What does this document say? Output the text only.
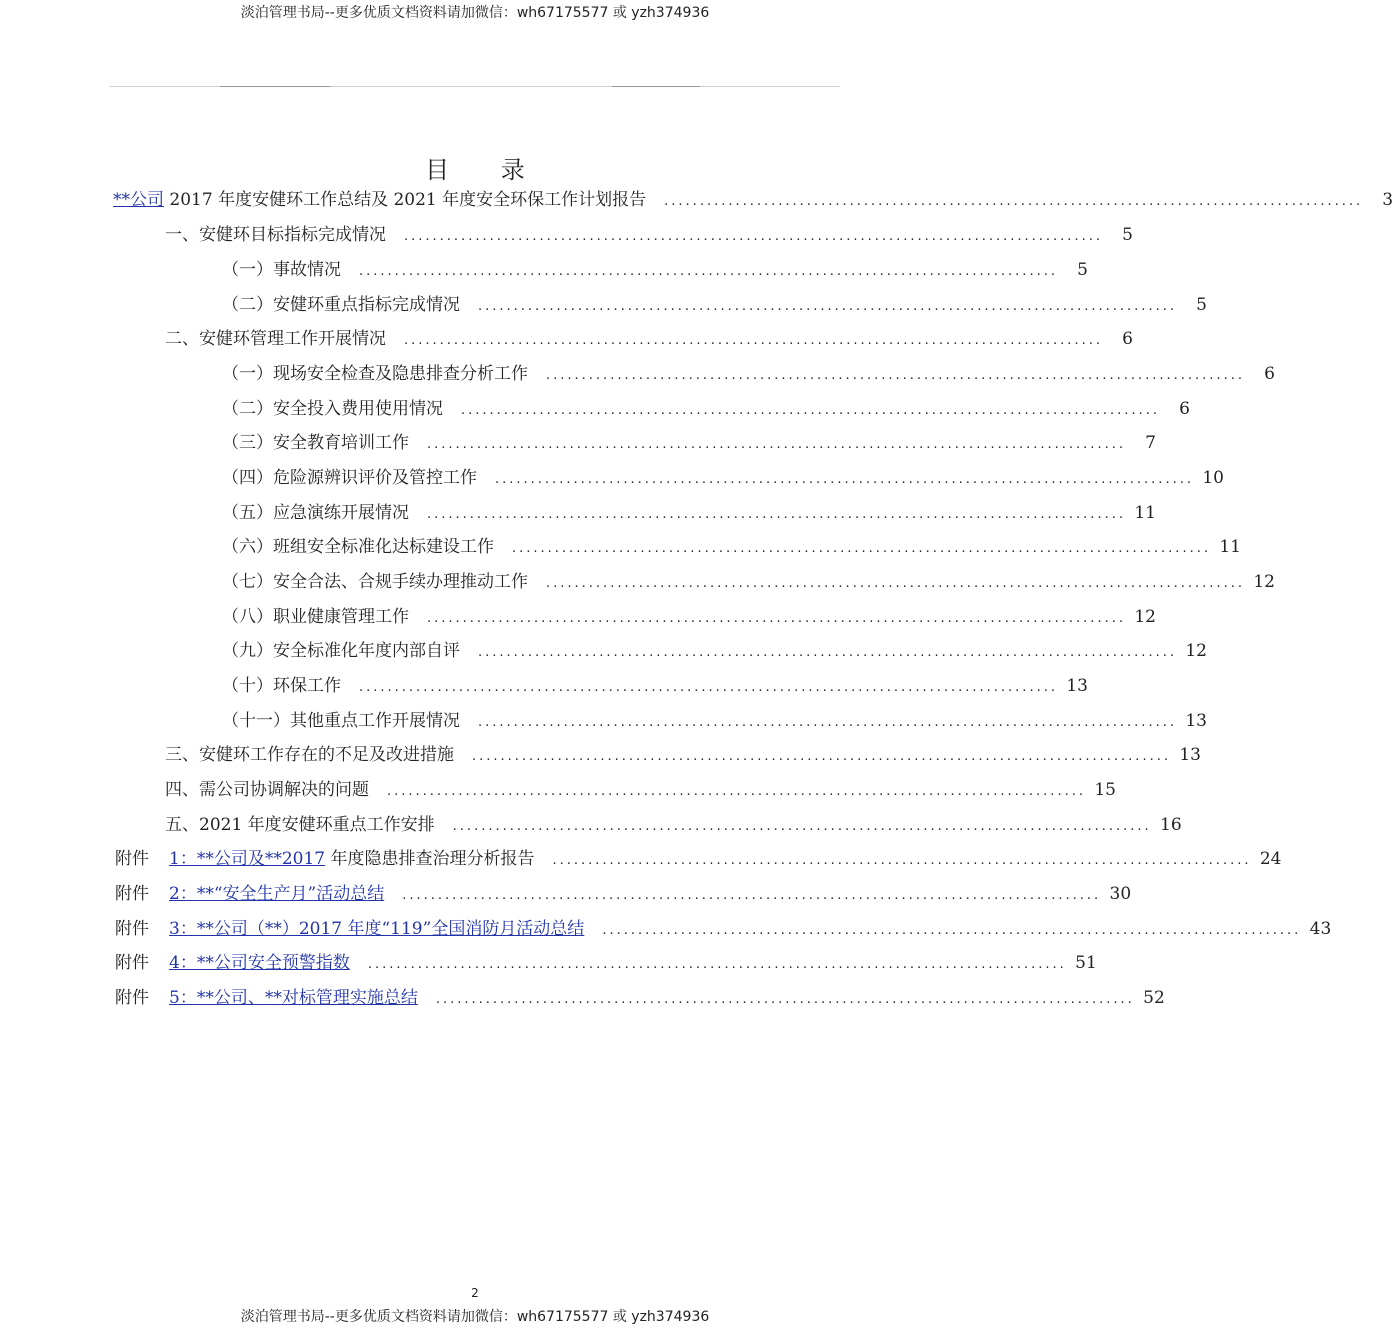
淡泊管理书局--更多优质文档资料请加微信：wh67175577 或 yzh374936
目 录
**公司 2017 年度安健环工作总结及 2021 年度安全环保工作计划报告 ..................................................................................................	3
一、安健环目标指标完成情况 ..................................................................................................	5
（一）事故情况 ..................................................................................................	5
（二）安健环重点指标完成情况 ..................................................................................................	5
二、安健环管理工作开展情况 ..................................................................................................	6
（一）现场安全检查及隐患排查分析工作 ..................................................................................................	6
（二）安全投入费用使用情况 ..................................................................................................	6
（三）安全教育培训工作 ..................................................................................................	7
（四）危险源辨识评价及管控工作 .................................................................................................. 10
（五）应急演练开展情况 .................................................................................................. 11
（六）班组安全标准化达标建设工作 .................................................................................................. 11
（七）安全合法、合规手续办理推动工作 .................................................................................................. 12
（八）职业健康管理工作 .................................................................................................. 12
（九）安全标准化年度内部自评 .................................................................................................. 12
（十）环保工作 .................................................................................................. 13
（十一）其他重点工作开展情况 .................................................................................................. 13
三、安健环工作存在的不足及改进措施 .................................................................................................. 13
四、需公司协调解决的问题 .................................................................................................. 15
五、2021 年度安健环重点工作安排 .................................................................................................. 16
附件 1：**公司及**2017 年度隐患排查治理分析报告 .................................................................................................. 24
附件 2：**“安全生产月”活动总结 .................................................................................................. 30
附件 3：**公司（**）2017 年度“119”全国消防月活动总结 .................................................................................................. 43
附件 4：**公司安全预警指数 .................................................................................................. 51
附件 5：**公司、**对标管理实施总结 .................................................................................................. 52
2
淡泊管理书局--更多优质文档资料请加微信：wh67175577 或 yzh374936
